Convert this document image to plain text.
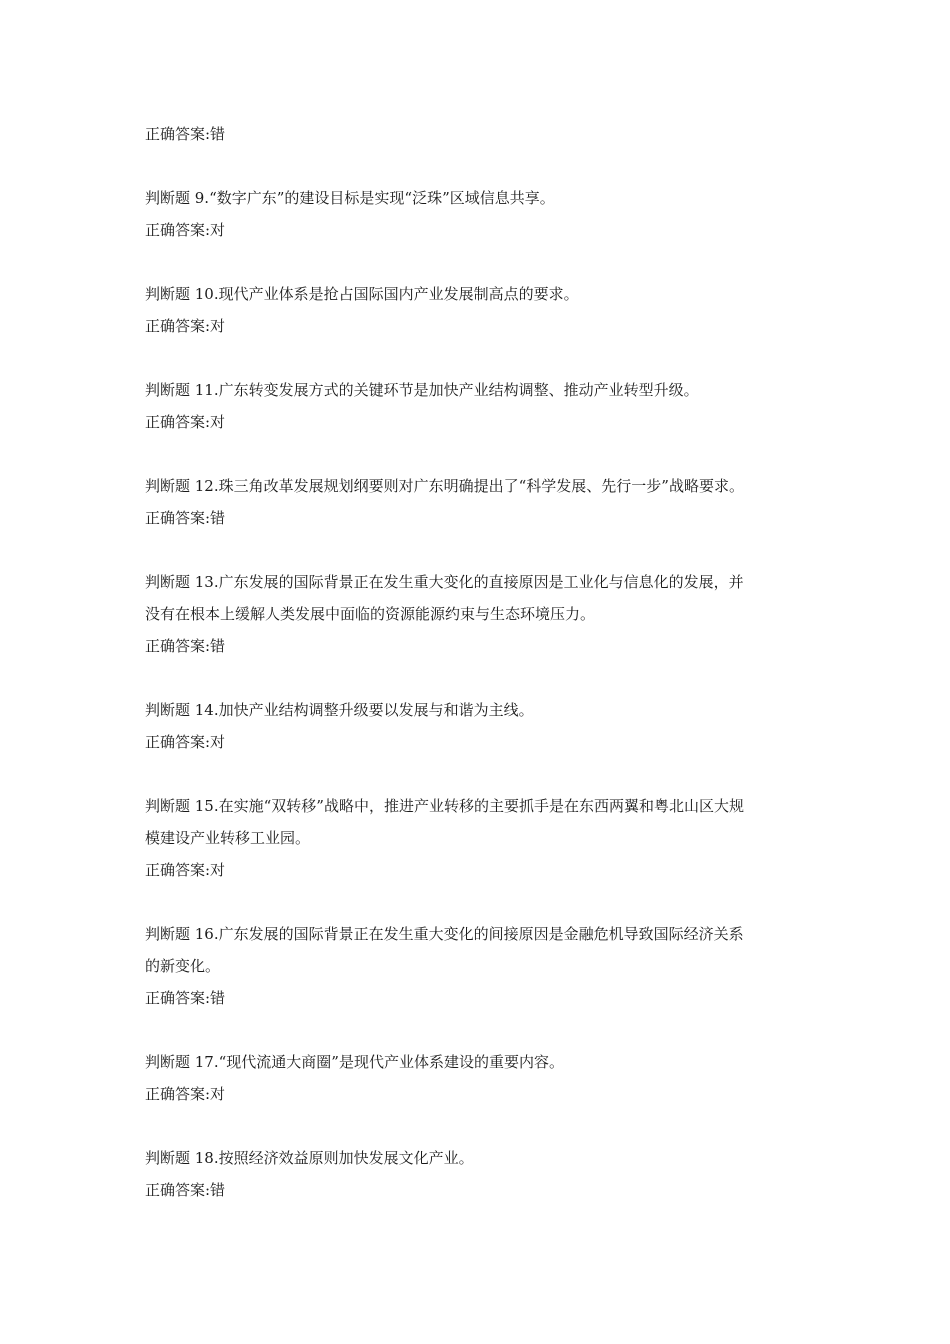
正确答案:错

判断题 9.“数字广东”的建设目标是实现“泛珠”区域信息共享。

正确答案:对

判断题 10.现代产业体系是抢占国际国内产业发展制高点的要求。

正确答案:对

判断题 11.广东转变发展方式的关键环节是加快产业结构调整、推动产业转型升级。

正确答案:对

判断题 12.珠三角改革发展规划纲要则对广东明确提出了“科学发展、先行一步”战略要求。

正确答案:错

判断题 13.广东发展的国际背景正在发生重大变化的直接原因是工业化与信息化的发展，并

没有在根本上缓解人类发展中面临的资源能源约束与生态环境压力。

正确答案:错

判断题 14.加快产业结构调整升级要以发展与和谐为主线。

正确答案:对

判断题 15.在实施“双转移”战略中，推进产业转移的主要抓手是在东西两翼和粤北山区大规

模建设产业转移工业园。

正确答案:对

判断题 16.广东发展的国际背景正在发生重大变化的间接原因是金融危机导致国际经济关系

的新变化。

正确答案:错

判断题 17.“现代流通大商圈”是现代产业体系建设的重要内容。

正确答案:对

判断题 18.按照经济效益原则加快发展文化产业。

正确答案:错
